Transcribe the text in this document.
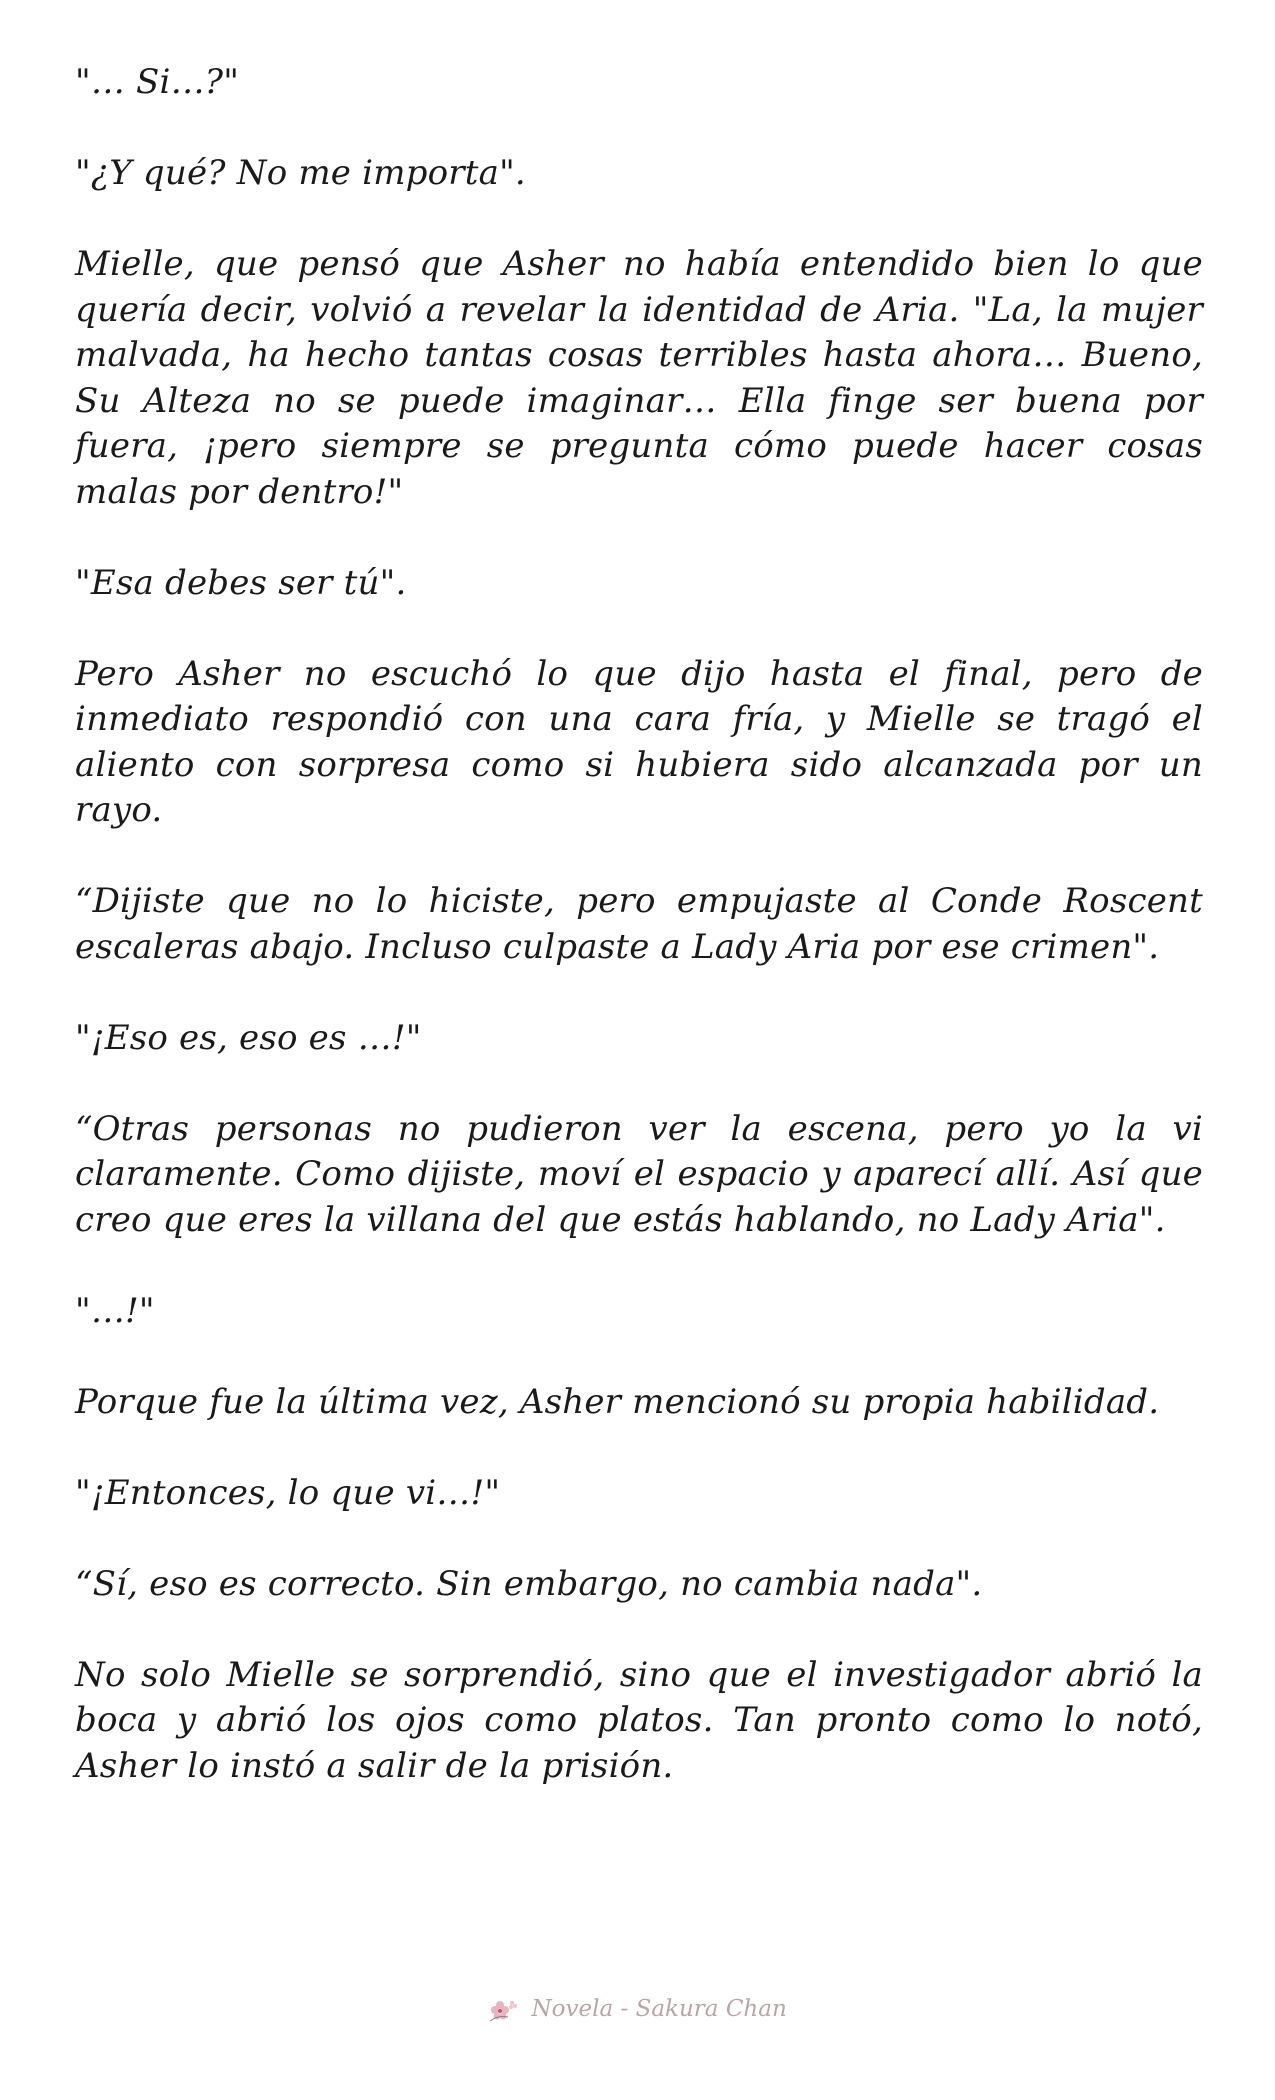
"… Si…?"

"¿Y qué? No me importa".

Mielle, que pensó que Asher no había entendido bien lo que quería decir, volvió a revelar la identidad de Aria. "La, la mujer malvada, ha hecho tantas cosas terribles hasta ahora… Bueno, Su Alteza no se puede imaginar… Ella finge ser buena por fuera, ¡pero siempre se pregunta cómo puede hacer cosas malas por dentro!"

"Esa debes ser tú".

Pero Asher no escuchó lo que dijo hasta el final, pero de inmediato respondió con una cara fría, y Mielle se tragó el aliento con sorpresa como si hubiera sido alcanzada por un rayo.

“Dijiste que no lo hiciste, pero empujaste al Conde Roscent escaleras abajo. Incluso culpaste a Lady Aria por ese crimen".

"¡Eso es, eso es …!"

“Otras personas no pudieron ver la escena, pero yo la vi claramente. Como dijiste, moví el espacio y aparecí allí. Así que creo que eres la villana del que estás hablando, no Lady Aria".

"…!"

Porque fue la última vez, Asher mencionó su propia habilidad.

"¡Entonces, lo que vi…!"

“Sí, eso es correcto. Sin embargo, no cambia nada".

No solo Mielle se sorprendió, sino que el investigador abrió la boca y abrió los ojos como platos. Tan pronto como lo notó, Asher lo instó a salir de la prisión.

Novela - Sakura Chan
